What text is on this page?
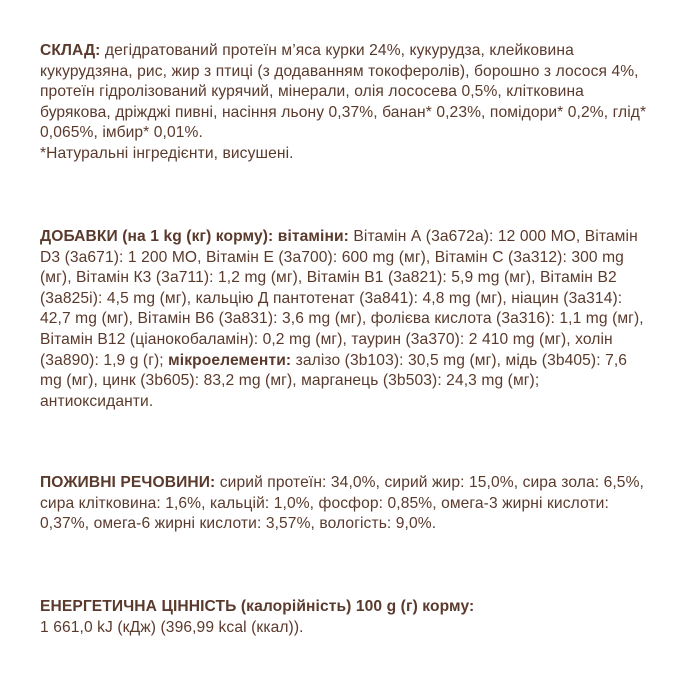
СКЛАД: дегідратований протеїн м’яса курки 24%, кукурудза, клейковина кукурудзяна, рис, жир з птиці (з додаванням токоферолів), борошно з лосося 4%, протеїн гідролізований курячий, мінерали, олія лососева 0,5%, клітковина бурякова, дріжджі пивні, насіння льону 0,37%, банан* 0,23%, помідори* 0,2%, глід* 0,065%, імбир* 0,01%.
*Натуральні інгредієнти, висушені.

ДОБАВКИ (на 1 kg (кг) корму): вітаміни: Вітамін А (3a672a): 12 000 МО, Вітамін D3 (3a671): 1 200 МО, Вітамін Е (3a700): 600 mg (мг), Вітамін С (3a312): 300 mg (мг), Вітамін К3 (3a711): 1,2 mg (мг), Вітамін В1 (3a821): 5,9 mg (мг), Вітамін В2 (3a825i): 4,5 mg (мг), кальцію Д пантотенат (3a841): 4,8 mg (мг), ніацин (3a314): 42,7 mg (мг), Вітамін В6 (3a831): 3,6 mg (мг), фолієва кислота (3a316): 1,1 mg (мг), Вітамін В12 (ціанокобаламін): 0,2 mg (мг), таурин (3a370): 2 410 mg (мг), холін (3a890): 1,9 g (г); мікроелементи: залізо (3b103): 30,5 mg (мг), мідь (3b405): 7,6 mg (мг), цинк (3b605): 83,2 mg (мг), марганець (3b503): 24,3 mg (мг); антиоксиданти.

ПОЖИВНІ РЕЧОВИНИ: сирий протеїн: 34,0%, сирий жир: 15,0%, сира зола: 6,5%, сира клітковина: 1,6%, кальцій: 1,0%, фосфор: 0,85%, омега-3 жирні кислоти: 0,37%, омега-6 жирні кислоти: 3,57%, вологість: 9,0%.

ЕНЕРГЕТИЧНА ЦІННІСТЬ (калорійність) 100 g (г) корму:
1 661,0 kJ (кДж) (396,99 kcal (ккал)).
